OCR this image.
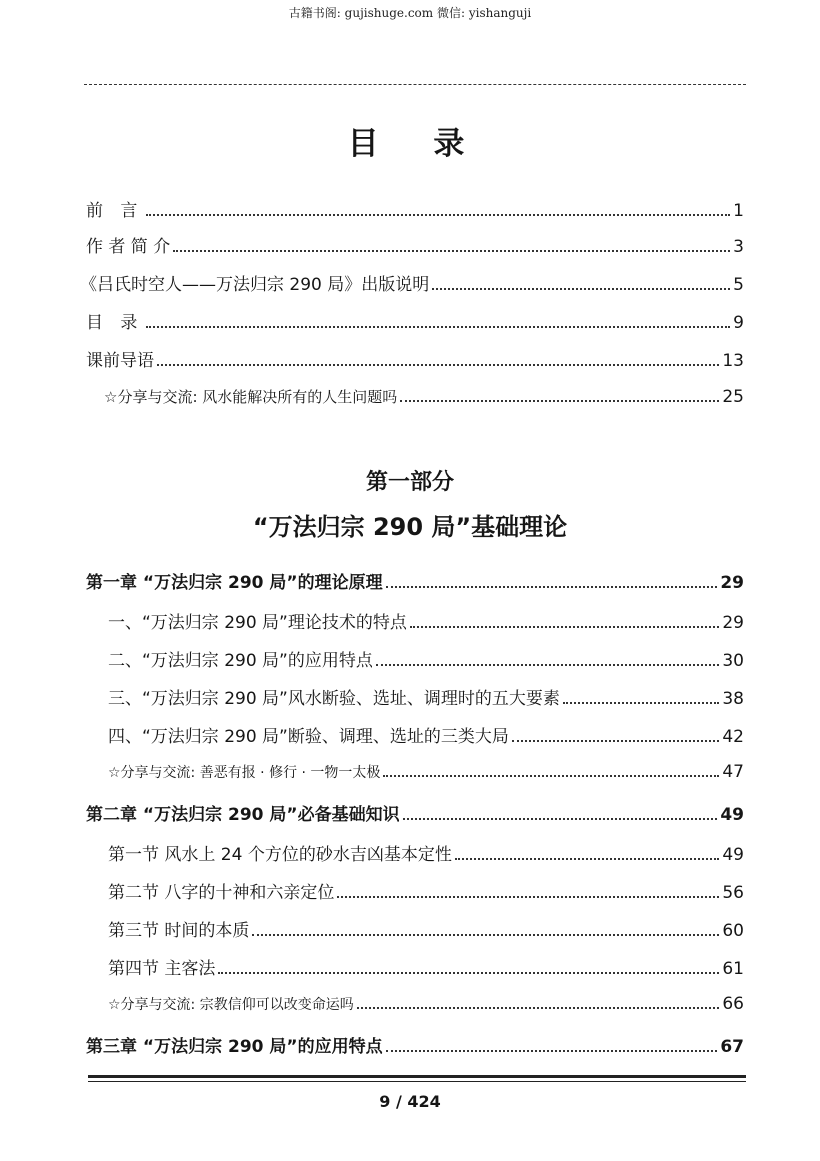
古籍书阁: gujishuge.com 微信: yishanguji
目 录
前 言	1
作 者 简 介	3
《吕氏时空人——万法归宗 290 局》出版说明	5
目 录	9
课前导语	13
☆分享与交流: 风水能解决所有的人生问题吗	25
第一部分
“万法归宗 290 局”基础理论
第一章 “万法归宗 290 局”的理论原理	29
一、“万法归宗 290 局”理论技术的特点	29
二、“万法归宗 290 局”的应用特点	30
三、“万法归宗 290 局”风水断验、选址、调理时的五大要素	38
四、“万法归宗 290 局”断验、调理、选址的三类大局	42
☆分享与交流: 善恶有报 · 修行 · 一物一太极	47
第二章 “万法归宗 290 局”必备基础知识	49
第一节 风水上 24 个方位的砂水吉凶基本定性	49
第二节 八字的十神和六亲定位	56
第三节 时间的本质	60
第四节 主客法	61
☆分享与交流: 宗教信仰可以改变命运吗	66
第三章 “万法归宗 290 局”的应用特点	67
9 / 424
